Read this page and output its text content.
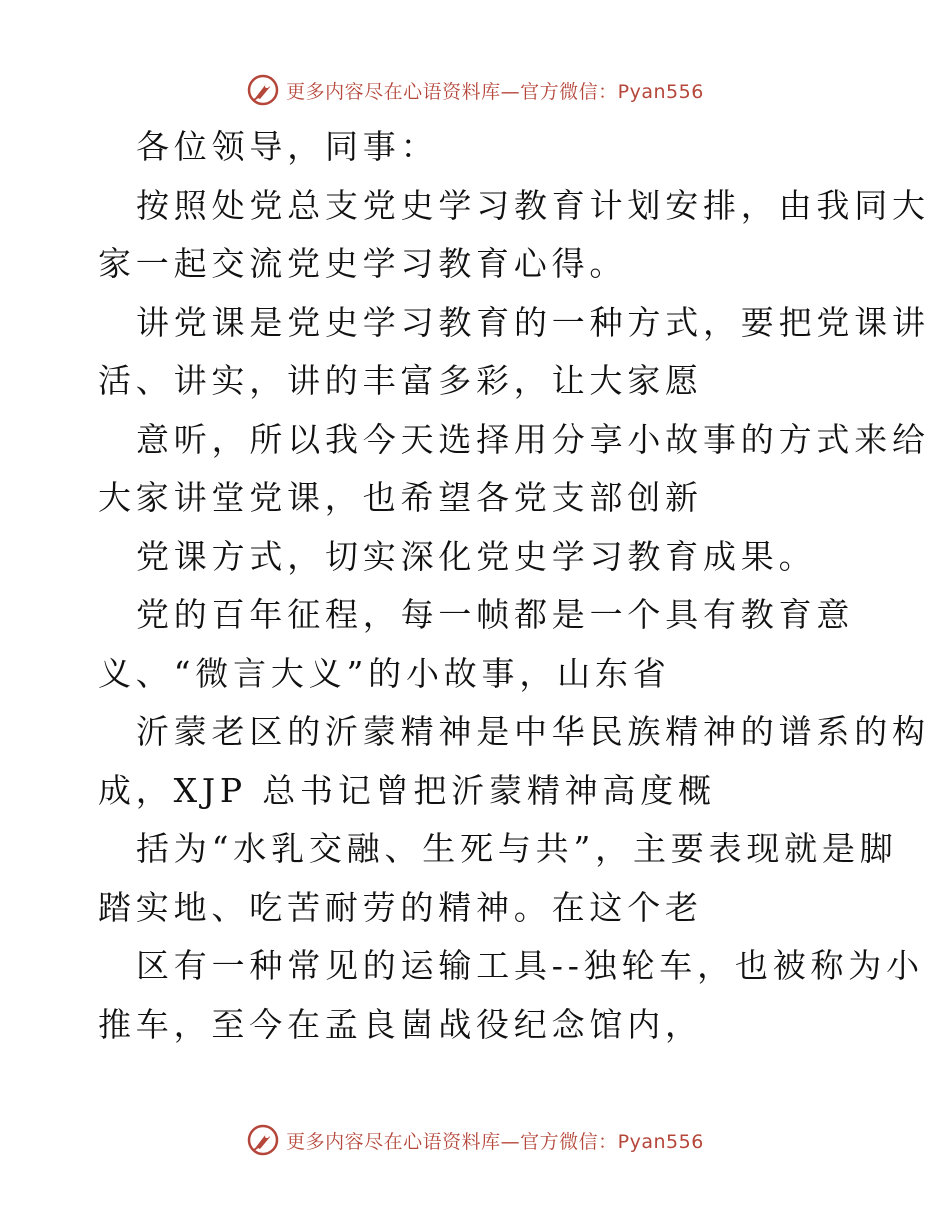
更多内容尽在心语资料库—官方微信：Pyan556
各位领导，同事：
按照处党总支党史学习教育计划安排，由我同大
家一起交流党史学习教育心得。
讲党课是党史学习教育的一种方式，要把党课讲
活、讲实，讲的丰富多彩，让大家愿
意听，所以我今天选择用分享小故事的方式来给
大家讲堂党课，也希望各党支部创新
党课方式，切实深化党史学习教育成果。
党的百年征程，每一帧都是一个具有教育意
义、“微言大义”的小故事，山东省
沂蒙老区的沂蒙精神是中华民族精神的谱系的构
成，XJP 总书记曾把沂蒙精神高度概
括为“水乳交融、生死与共”，主要表现就是脚
踏实地、吃苦耐劳的精神。在这个老
区有一种常见的运输工具--独轮车，也被称为小
推车，至今在孟良崮战役纪念馆内，
更多内容尽在心语资料库—官方微信：Pyan556
